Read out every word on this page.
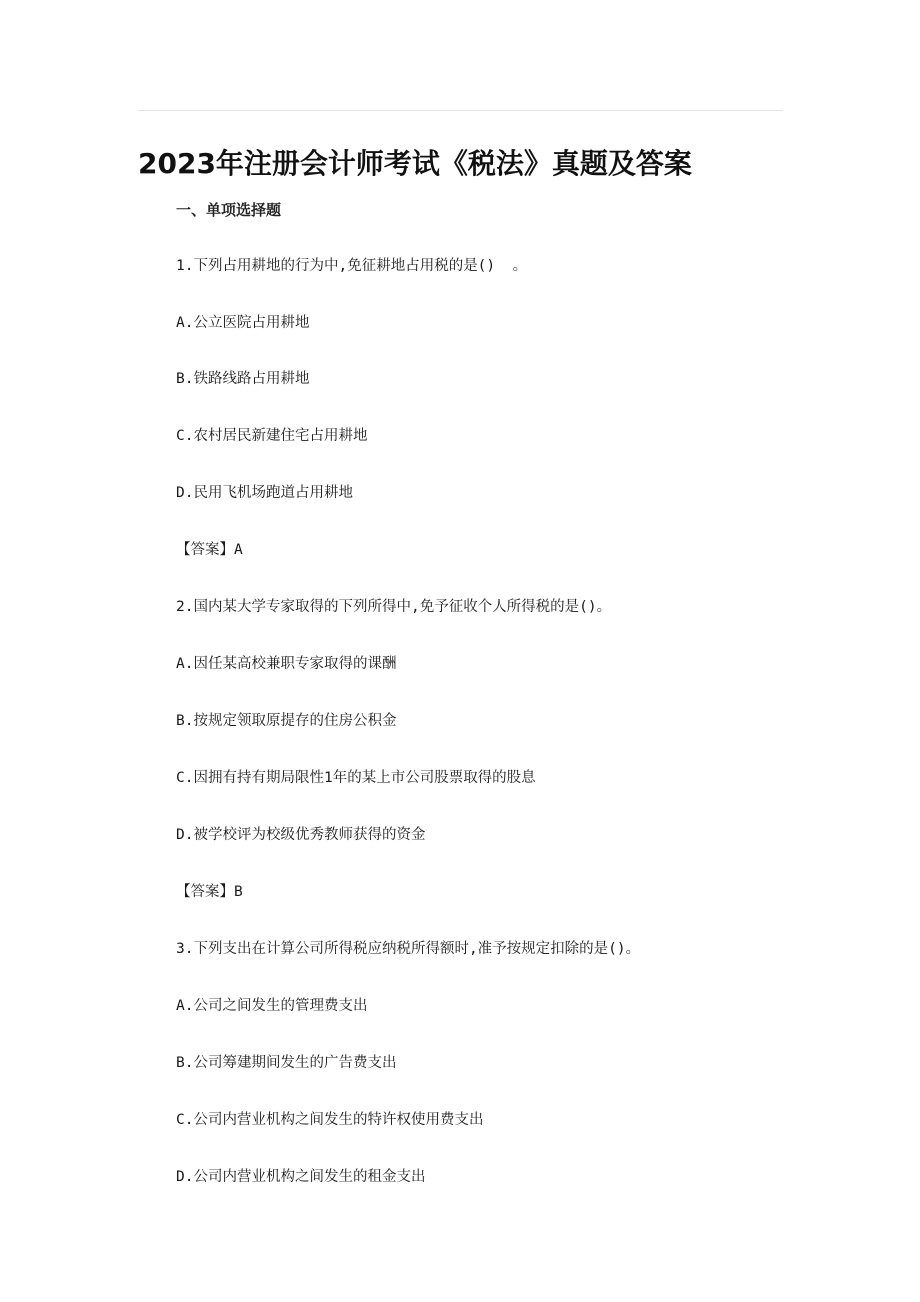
2023年注册会计师考试《税法》真题及答案
一、单项选择题

1.下列占用耕地的行为中,免征耕地占用税的是()  。

A.公立医院占用耕地

B.铁路线路占用耕地

C.农村居民新建住宅占用耕地

D.民用飞机场跑道占用耕地

【答案】A

2.国内某大学专家取得的下列所得中,免予征收个人所得税的是()。

A.因任某高校兼职专家取得的课酬

B.按规定领取原提存的住房公积金

C.因拥有持有期局限性1年的某上市公司股票取得的股息

D.被学校评为校级优秀教师获得的资金

【答案】B

3.下列支出在计算公司所得税应纳税所得额时,准予按规定扣除的是()。

A.公司之间发生的管理费支出

B.公司筹建期间发生的广告费支出

C.公司内营业机构之间发生的特许权使用费支出

D.公司内营业机构之间发生的租金支出
